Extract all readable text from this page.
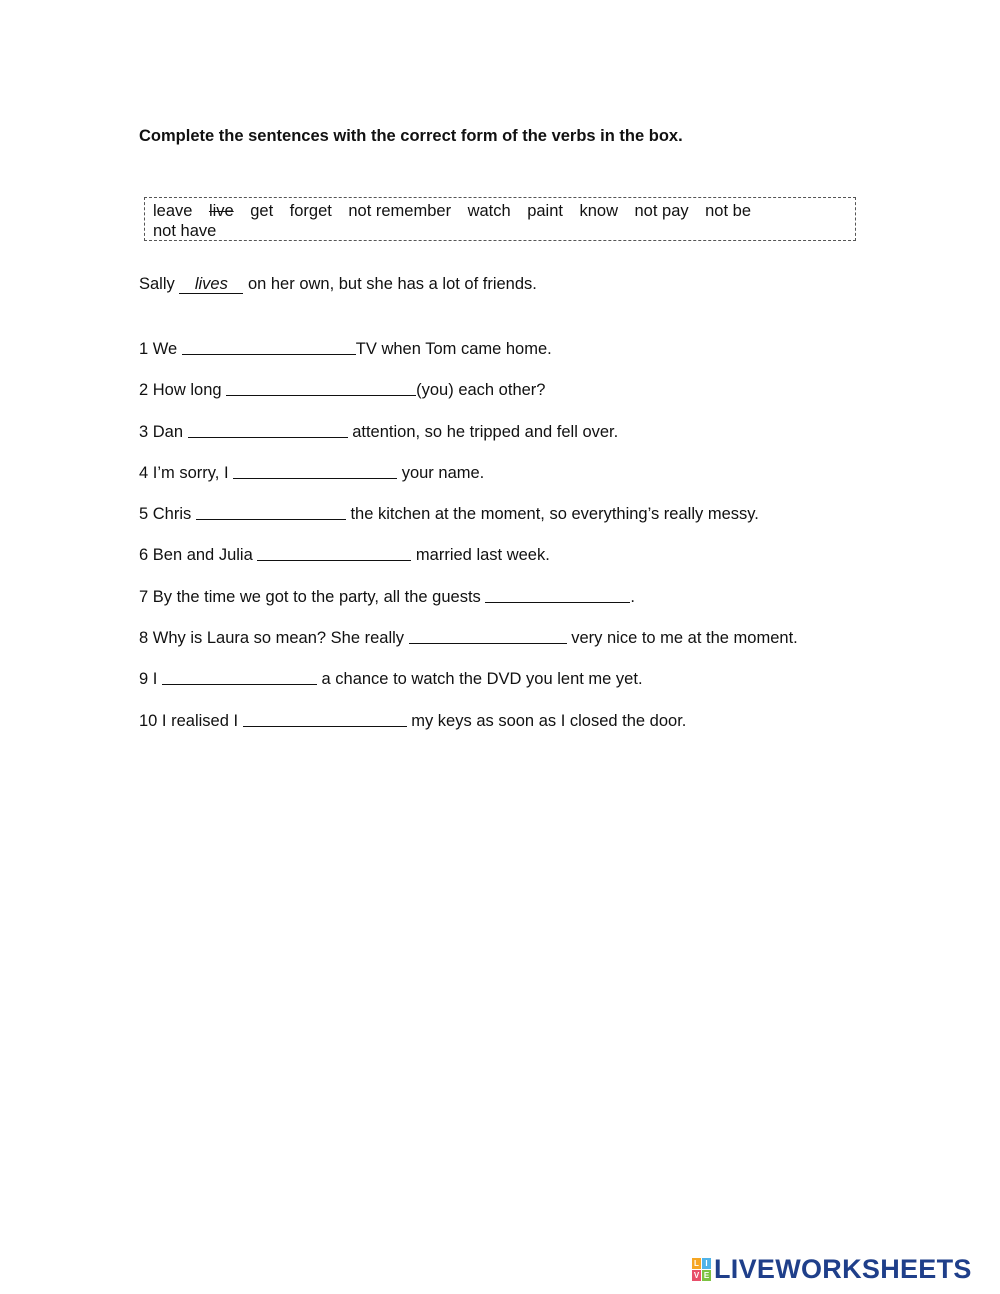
Complete the sentences with the correct form of the verbs in the box.
leave live get forget not remember watch paint know not pay not benot have
Sally lives on her own, but she has a lot of friends.
1 We	TV when Tom came home.
2 How long	(you) each other?
3 Dan	attention, so he tripped and fell over.
4 I’m sorry, I	your name.
5 Chris	the kitchen at the moment, so everything’s really messy.
6 Ben and Julia	married last week.
7 By the time we got to the party, all the guests	.
8 Why is Laura so mean? She really	very nice to me at the moment.
9 I	a chance to watch the DVD you lent me yet.
10 I realised I	my keys as soon as I closed the door.
L I
V E LIVEWORKSHEETS
